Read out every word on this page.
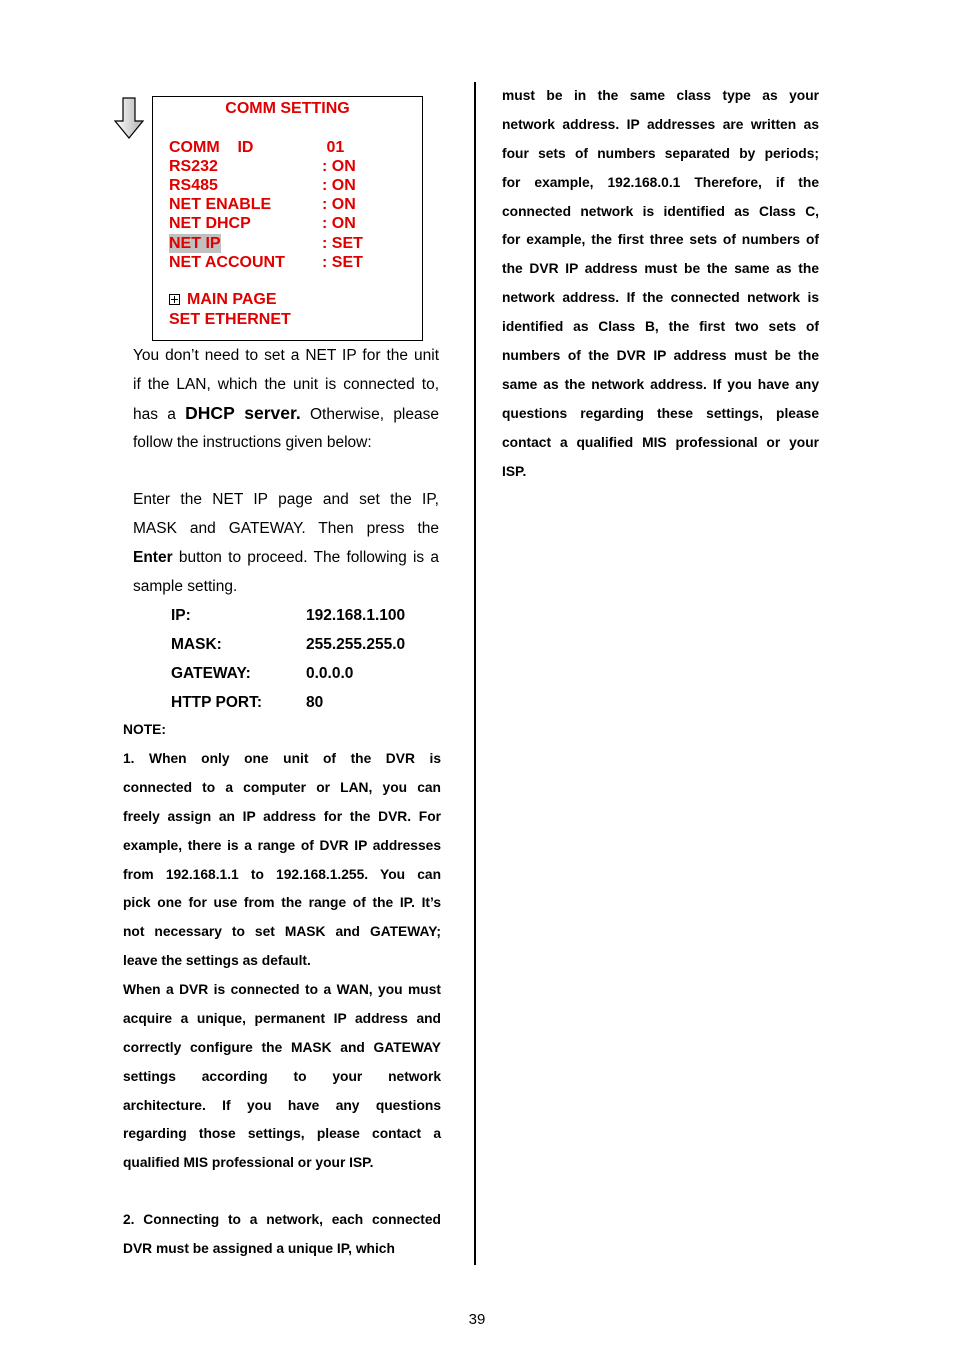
COMM SETTING
COMM    ID	01
RS232	: ON
RS485	: ON
NET ENABLE	: ON
NET DHCP	: ON
NET IP	: SET
NET ACCOUNT : SET
MAIN PAGE
SET ETHERNET
You don’t need to set a NET IP for the unit
if the LAN, which the unit is connected to,
has a DHCP server. Otherwise, please
follow the instructions given below:
Enter the NET IP page and set the IP,
MASK and GATEWAY. Then press the
Enter button to proceed. The following is a
sample setting.
IP:	192.168.1.100
MASK:	255.255.255.0
GATEWAY:	0.0.0.0
HTTP PORT:	80
NOTE:
1. When only one unit of the DVR is
connected to a computer or LAN, you can
freely assign an IP address for the DVR. For
example, there is a range of DVR IP addresses
from 192.168.1.1 to 192.168.1.255. You can
pick one for use from the range of the IP. It’s
not necessary to set MASK and GATEWAY;
leave the settings as default.
When a DVR is connected to a WAN, you must
acquire a unique, permanent IP address and
correctly configure the MASK and GATEWAY
settings according to your network
architecture. If you have any questions
regarding those settings, please contact a
qualified MIS professional or your ISP.
2. Connecting to a network, each connected
DVR must be assigned a unique IP, which
must be in the same class type as your
network address. IP addresses are written as
four sets of numbers separated by periods;
for example, 192.168.0.1 Therefore, if the
connected network is identified as Class C,
for example, the first three sets of numbers of
the DVR IP address must be the same as the
network address. If the connected network is
identified as Class B, the first two sets of
numbers of the DVR IP address must be the
same as the network address. If you have any
questions regarding these settings, please
contact a qualified MIS professional or your
ISP.
39
